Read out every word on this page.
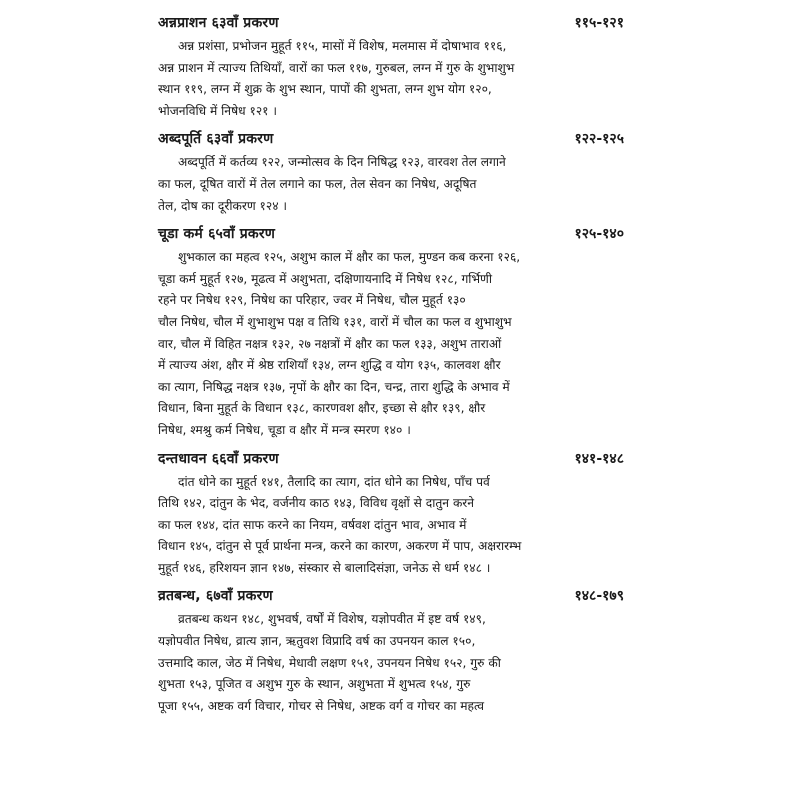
अन्नप्राशन ६३वाँ प्रकरण	११५-१२१
अन्न प्रशंसा, प्रभोजन मुहूर्त ११५, मासों में विशेष, मलमास में दोषाभाव ११६,
अन्न प्राशन में त्याज्य तिथियाँ, वारों का फल ११७, गुरुबल, लग्न में गुरु के शुभाशुभ
स्थान ११९, लग्न में शुक्र के शुभ स्थान, पापों की शुभता, लग्न शुभ योग १२०,
भोजनविधि में निषेध १२१ ।
अब्दपूर्ति ६३वाँ प्रकरण	१२२-१२५
अब्दपूर्ति में कर्तव्य १२२, जन्मोत्सव के दिन निषिद्ध १२३, वारवश तेल लगाने
का फल, दूषित वारों में तेल लगाने का फल, तेल सेवन का निषेध, अदूषित
तेल, दोष का दूरीकरण १२४ ।
चूडा कर्म ६५वाँ प्रकरण	१२५-१४०
शुभकाल का महत्व १२५, अशुभ काल में क्षौर का फल, मुण्डन कब करना १२६,
चूडा कर्म मुहूर्त १२७, मूढत्व में अशुभता, दक्षिणायनादि में निषेध १२८, गर्भिणी
रहने पर निषेध १२९, निषेध का परिहार, ज्वर में निषेध, चौल मुहूर्त १३०
चौल निषेध, चौल में शुभाशुभ पक्ष व तिथि १३१, वारों में चौल का फल व शुभाशुभ
वार, चौल में विहित नक्षत्र १३२, २७ नक्षत्रों में क्षौर का फल १३३, अशुभ ताराओं
में त्याज्य अंश, क्षौर में श्रेष्ठ राशियाँ १३४, लग्न शुद्धि व योग १३५, कालवश क्षौर
का त्याग, निषिद्ध नक्षत्र १३७, नृपों के क्षौर का दिन, चन्द्र, तारा शुद्धि के अभाव में
विधान, बिना मुहूर्त के विधान १३८, कारणवश क्षौर, इच्छा से क्षौर १३९, क्षौर
निषेध, श्मश्रु कर्म निषेध, चूडा व क्षौर में मन्त्र स्मरण १४० ।
दन्तधावन ६६वाँ प्रकरण	१४१-१४८
दांत धोने का मुहूर्त १४१, तैलादि का त्याग, दांत धोने का निषेध, पाँच पर्व
तिथि १४२, दांतुन के भेद, वर्जनीय काठ १४३, विविध वृक्षों से दातुन करने
का फल १४४, दांत साफ करने का नियम, वर्षवश दांतुन भाव, अभाव में
विधान १४५, दांतुन से पूर्व प्रार्थना मन्त्र, करने का कारण, अकरण में पाप, अक्षरारम्भ
मुहूर्त १४६, हरिशयन ज्ञान १४७, संस्कार से बालादिसंज्ञा, जनेऊ से धर्म १४८ ।
व्रतबन्ध, ६७वाँ प्रकरण	१४८-१७९
व्रतबन्ध कथन १४८, शुभवर्ष, वर्षों में विशेष, यज्ञोपवीत में इष्ट वर्ष १४९,
यज्ञोपवीत निषेध, व्रात्य ज्ञान, ऋतुवश विप्रादि वर्ष का उपनयन काल १५०,
उत्तमादि काल, जेठ में निषेध, मेधावी लक्षण १५१, उपनयन निषेध १५२, गुरु की
शुभता १५३, पूजित व अशुभ गुरु के स्थान, अशुभता में शुभत्व १५४, गुरु
पूजा १५५, अष्टक वर्ग विचार, गोचर से निषेध, अष्टक वर्ग व गोचर का महत्व
